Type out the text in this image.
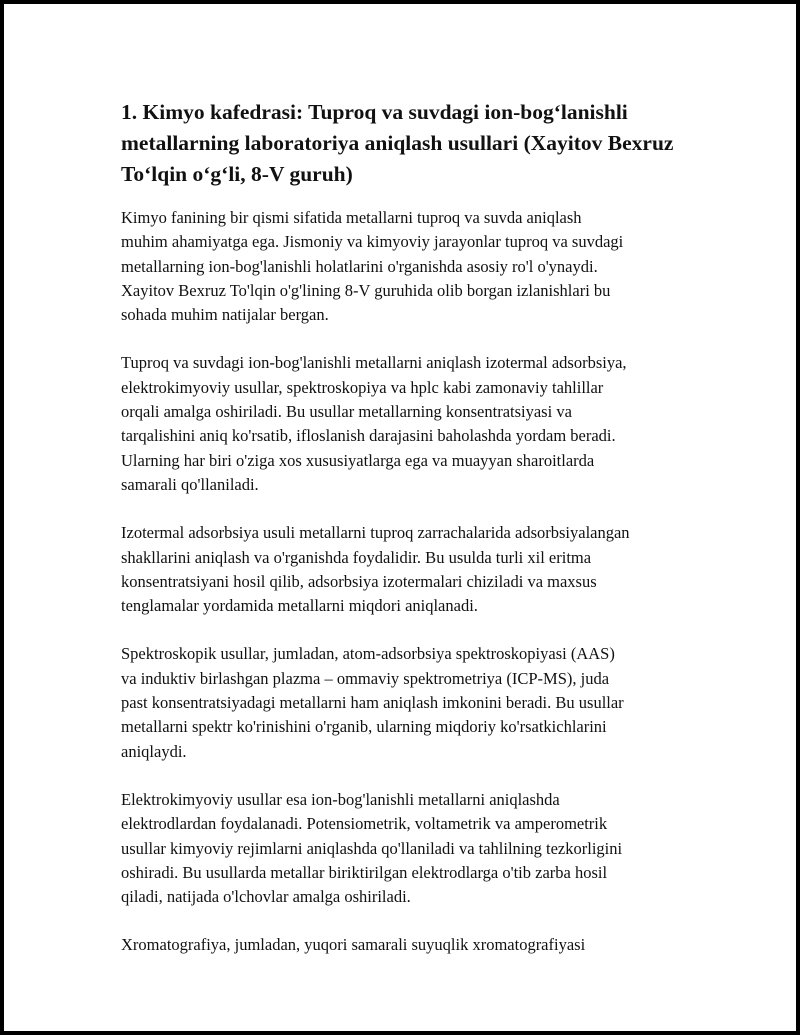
1. Kimyo kafedrasi: Tuproq va suvdagi ion-bog‘lanishli
metallarning laboratoriya aniqlash usullari (Xayitov Bexruz
To‘lqin o‘g‘li, 8-V guruh)

Kimyo fanining bir qismi sifatida metallarni tuproq va suvda aniqlash
muhim ahamiyatga ega. Jismoniy va kimyoviy jarayonlar tuproq va suvdagi
metallarning ion-bog'lanishli holatlarini o'rganishda asosiy ro'l o'ynaydi.
Xayitov Bexruz To'lqin o'g'lining 8-V guruhida olib borgan izlanishlari bu
sohada muhim natijalar bergan.

Tuproq va suvdagi ion-bog'lanishli metallarni aniqlash izotermal adsorbsiya,
elektrokimyoviy usullar, spektroskopiya va hplc kabi zamonaviy tahlillar
orqali amalga oshiriladi. Bu usullar metallarning konsentratsiyasi va
tarqalishini aniq ko'rsatib, ifloslanish darajasini baholashda yordam beradi.
Ularning har biri o'ziga xos xususiyatlarga ega va muayyan sharoitlarda
samarali qo'llaniladi.

Izotermal adsorbsiya usuli metallarni tuproq zarrachalarida adsorbsiyalangan
shakllarini aniqlash va o'rganishda foydalidir. Bu usulda turli xil eritma
konsentratsiyani hosil qilib, adsorbsiya izotermalari chiziladi va maxsus
tenglamalar yordamida metallarni miqdori aniqlanadi.

Spektroskopik usullar, jumladan, atom-adsorbsiya spektroskopiyasi (AAS)
va induktiv birlashgan plazma – ommaviy spektrometriya (ICP-MS), juda
past konsentratsiyadagi metallarni ham aniqlash imkonini beradi. Bu usullar
metallarni spektr ko'rinishini o'rganib, ularning miqdoriy ko'rsatkichlarini
aniqlaydi.

Elektrokimyoviy usullar esa ion-bog'lanishli metallarni aniqlashda
elektrodlardan foydalanadi. Potensiometrik, voltametrik va amperometrik
usullar kimyoviy rejimlarni aniqlashda qo'llaniladi va tahlilning tezkorligini
oshiradi. Bu usullarda metallar biriktirilgan elektrodlarga o'tib zarba hosil
qiladi, natijada o'lchovlar amalga oshiriladi.

Xromatografiya, jumladan, yuqori samarali suyuqlik xromatografiyasi
